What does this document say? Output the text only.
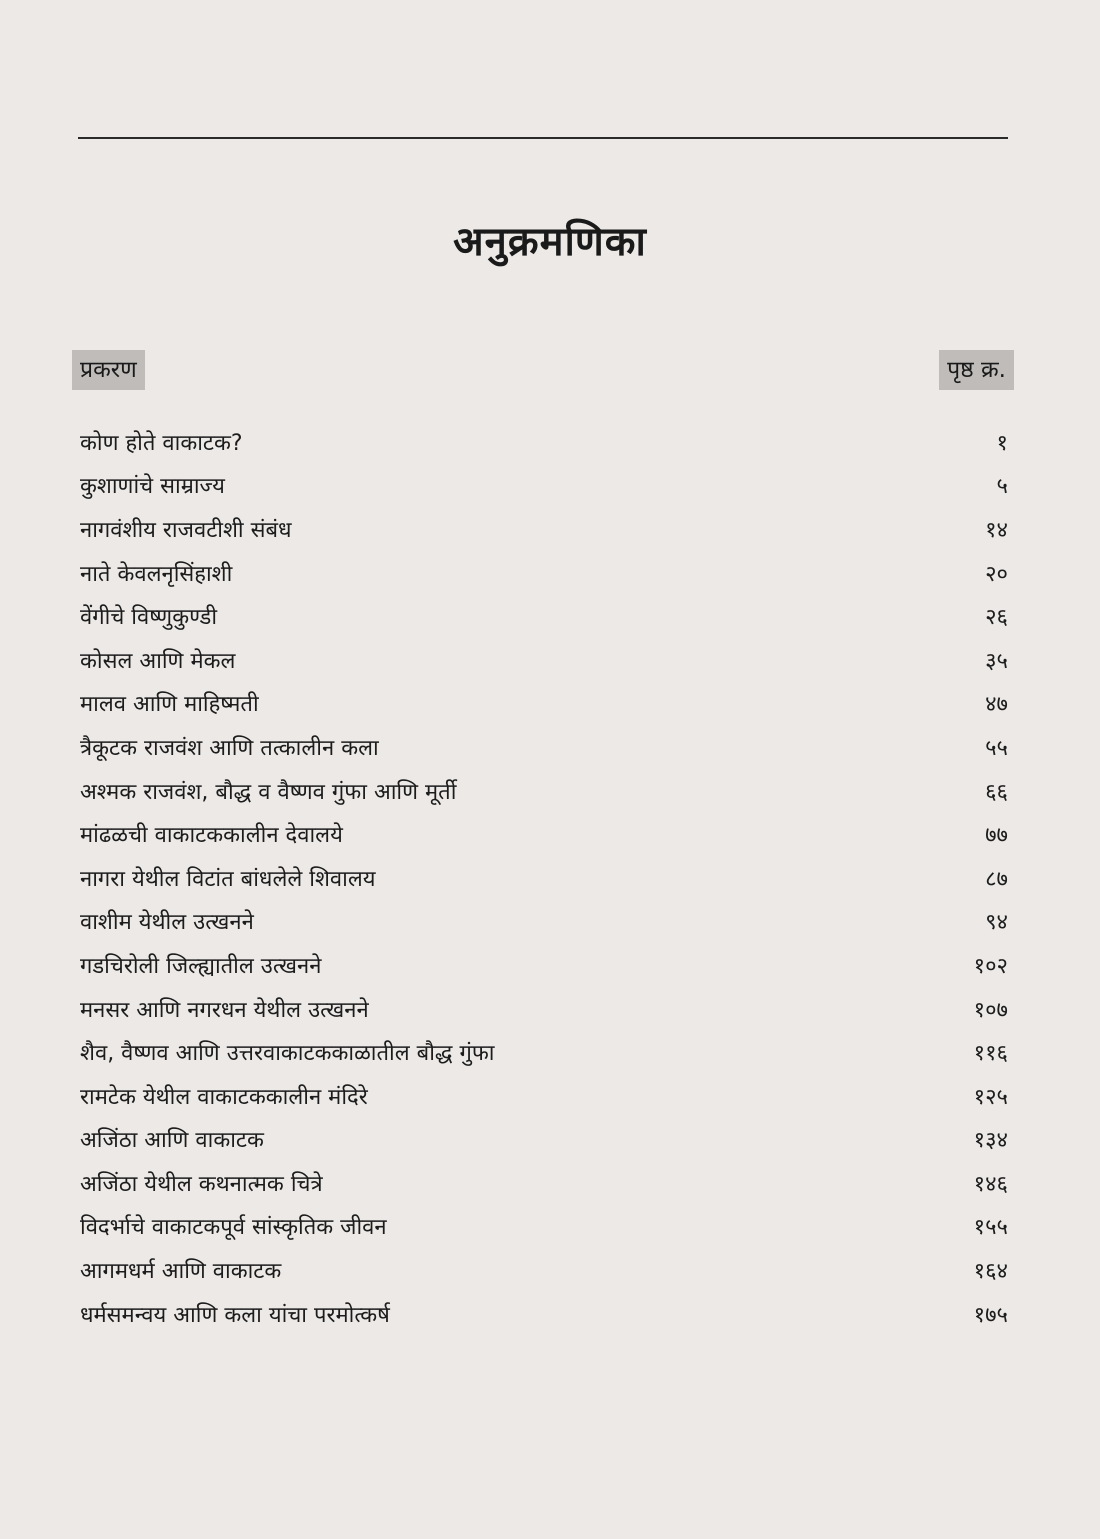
अनुक्रमणिका
प्रकरण	पृष्ठ क्र.
कोण होते वाकाटक?	१
कुशाणांचे साम्राज्य	५
नागवंशीय राजवटीशी संबंध	१४
नाते केवलनृसिंहाशी	२०
वेंगीचे विष्णुकुण्डी	२६
कोसल आणि मेकल	३५
मालव आणि माहिष्मती	४७
त्रैकूटक राजवंश आणि तत्कालीन कला	५५
अश्मक राजवंश, बौद्ध व वैष्णव गुंफा आणि मूर्ती	६६
मांढळची वाकाटककालीन देवालये	७७
नागरा येथील विटांत बांधलेले शिवालय	८७
वाशीम येथील उत्खनने	९४
गडचिरोली जिल्ह्यातील उत्खनने	१०२
मनसर आणि नगरधन येथील उत्खनने	१०७
शैव, वैष्णव आणि उत्तरवाकाटककाळातील बौद्ध गुंफा	११६
रामटेक येथील वाकाटककालीन मंदिरे	१२५
अजिंठा आणि वाकाटक	१३४
अजिंठा येथील कथनात्मक चित्रे	१४६
विदर्भाचे वाकाटकपूर्व सांस्कृतिक जीवन	१५५
आगमधर्म आणि वाकाटक	१६४
धर्मसमन्वय आणि कला यांचा परमोत्कर्ष	१७५
